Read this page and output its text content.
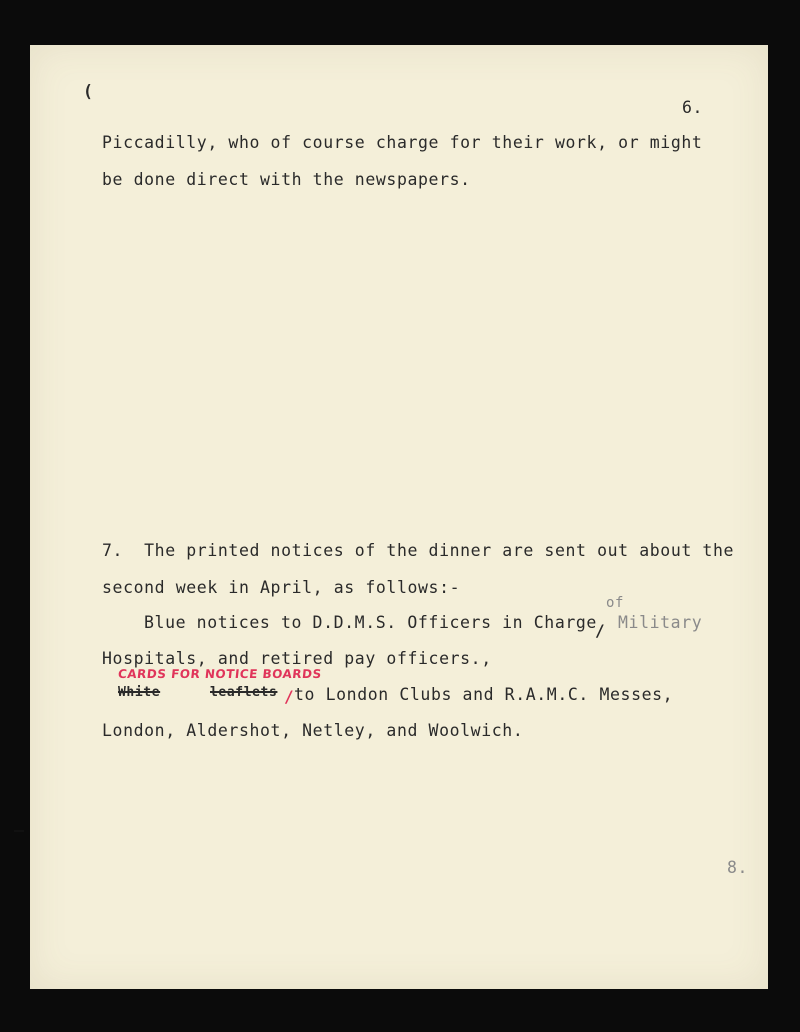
(
6.
Piccadilly, who of course charge for their work, or might
be done direct with the newspapers.
7.  The printed notices of the dinner are sent out about the
second week in April, as follows:-
of
Blue notices to D.D.M.S. Officers in Charge
/ Military
Hospitals, and retired pay officers.,
CARDS FOR NOTICE BOARDS
White	leaflets / to London Clubs and R.A.M.C. Messes,
London, Aldershot, Netley, and Woolwich.
8.
